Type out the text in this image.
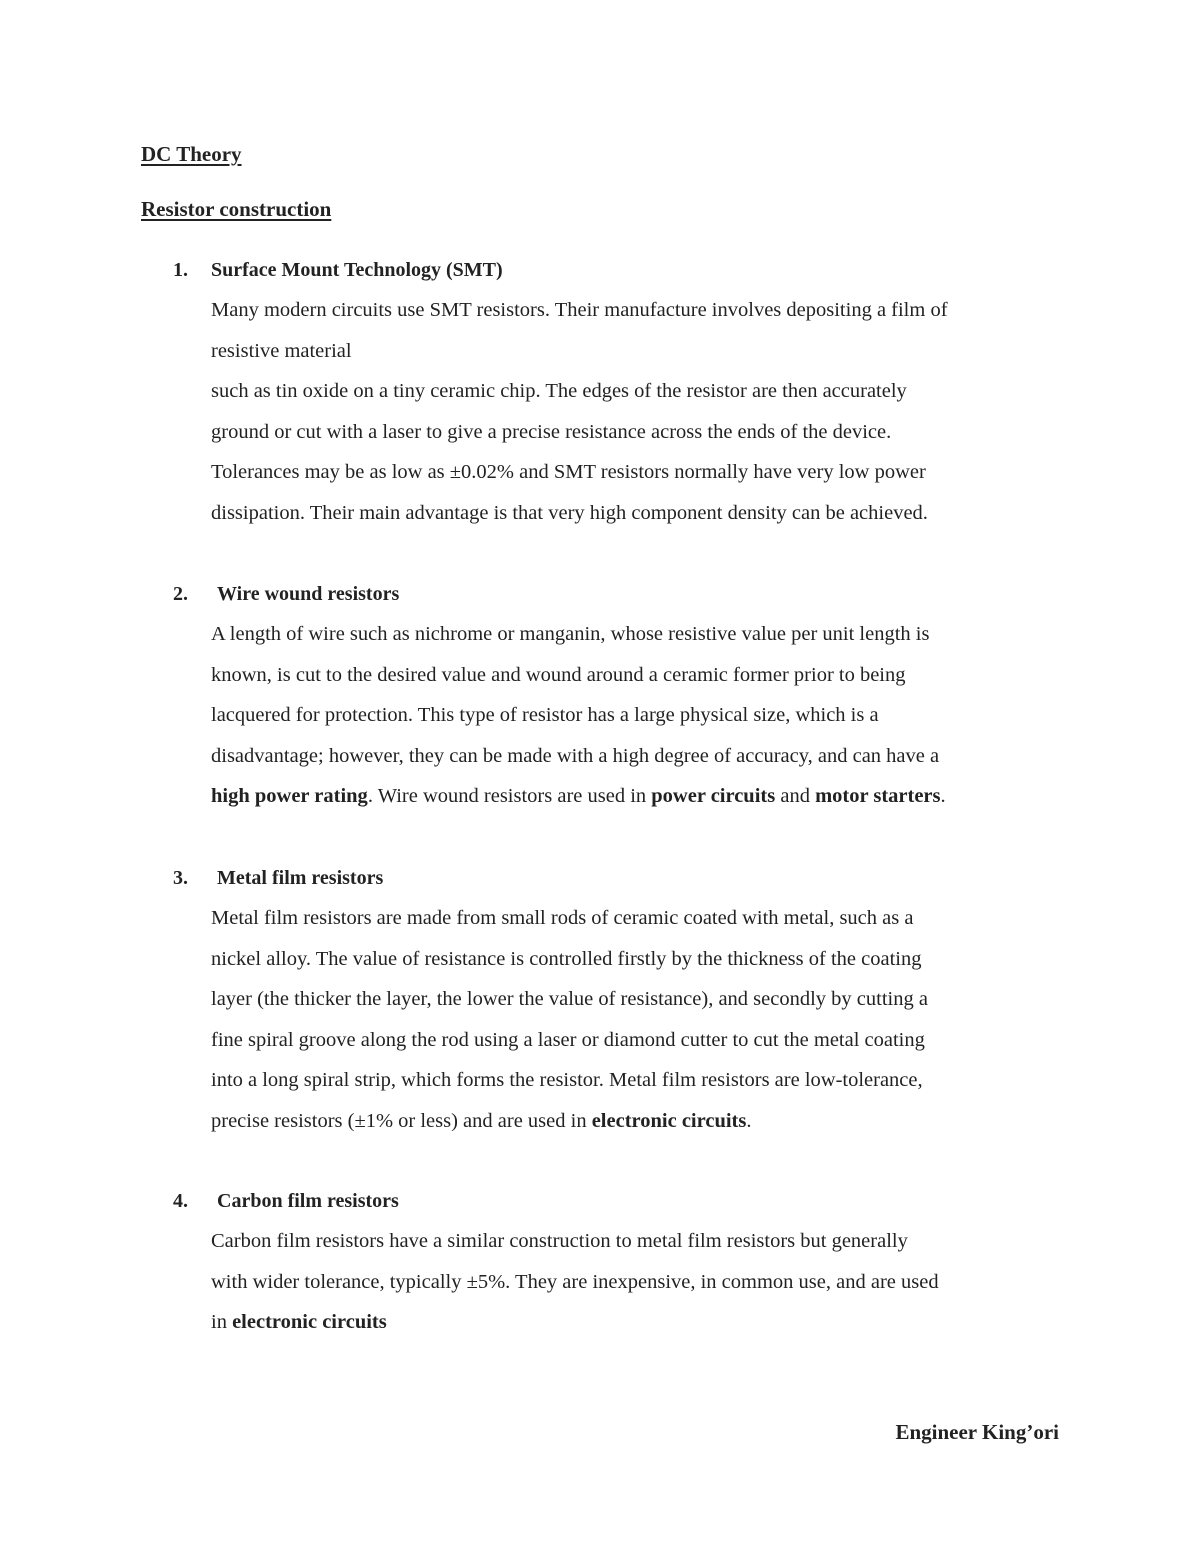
DC Theory
Resistor construction
1. Surface Mount Technology (SMT)
Many modern circuits use SMT resistors. Their manufacture involves depositing a film of
resistive material
such as tin oxide on a tiny ceramic chip. The edges of the resistor are then accurately
ground or cut with a laser to give a precise resistance across the ends of the device.
Tolerances may be as low as ±0.02% and SMT resistors normally have very low power
dissipation. Their main advantage is that very high component density can be achieved.
2. Wire wound resistors
A length of wire such as nichrome or manganin, whose resistive value per unit length is
known, is cut to the desired value and wound around a ceramic former prior to being
lacquered for protection. This type of resistor has a large physical size, which is a
disadvantage; however, they can be made with a high degree of accuracy, and can have a
high power rating. Wire wound resistors are used in power circuits and motor starters.
3. Metal film resistors
Metal film resistors are made from small rods of ceramic coated with metal, such as a
nickel alloy. The value of resistance is controlled firstly by the thickness of the coating
layer (the thicker the layer, the lower the value of resistance), and secondly by cutting a
fine spiral groove along the rod using a laser or diamond cutter to cut the metal coating
into a long spiral strip, which forms the resistor. Metal film resistors are low-tolerance,
precise resistors (±1% or less) and are used in electronic circuits.
4. Carbon film resistors
Carbon film resistors have a similar construction to metal film resistors but generally
with wider tolerance, typically ±5%. They are inexpensive, in common use, and are used
in electronic circuits
Engineer King’ori
